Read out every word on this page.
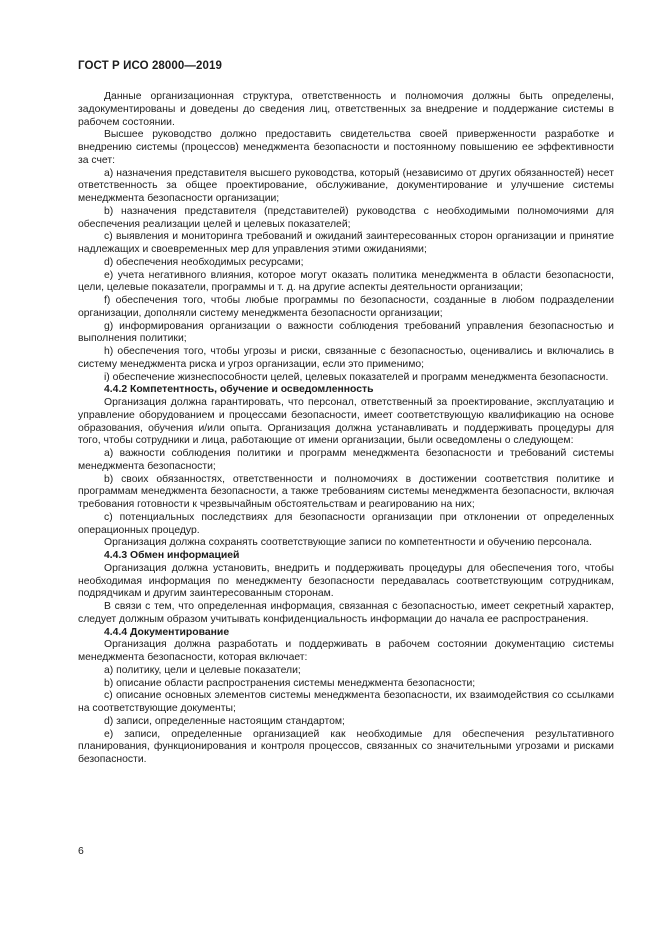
ГОСТ Р ИСО 28000—2019

Данные организационная структура, ответственность и полномочия должны быть определены, задокументированы и доведены до сведения лиц, ответственных за внедрение и поддержание системы в рабочем состоянии.

Высшее руководство должно предоставить свидетельства своей приверженности разработке и внедрению системы (процессов) менеджмента безопасности и постоянному повышению ее эффективности за счет:

a) назначения представителя высшего руководства, который (независимо от других обязанностей) несет ответственность за общее проектирование, обслуживание, документирование и улучшение системы менеджмента безопасности организации;

b) назначения представителя (представителей) руководства с необходимыми полномочиями для обеспечения реализации целей и целевых показателей;

c) выявления и мониторинга требований и ожиданий заинтересованных сторон организации и принятие надлежащих и своевременных мер для управления этими ожиданиями;

d) обеспечения необходимых ресурсами;

e) учета негативного влияния, которое могут оказать политика менеджмента в области безопасности, цели, целевые показатели, программы и т. д. на другие аспекты деятельности организации;

f) обеспечения того, чтобы любые программы по безопасности, созданные в любом подразделении организации, дополняли систему менеджмента безопасности организации;

g) информирования организации о важности соблюдения требований управления безопасностью и выполнения политики;

h) обеспечения того, чтобы угрозы и риски, связанные с безопасностью, оценивались и включались в систему менеджмента риска и угроз организации, если это применимо;

i) обеспечение жизнеспособности целей, целевых показателей и программ менеджмента безопасности.

4.4.2 Компетентность, обучение и осведомленность

Организация должна гарантировать, что персонал, ответственный за проектирование, эксплуатацию и управление оборудованием и процессами безопасности, имеет соответствующую квалификацию на основе образования, обучения и/или опыта. Организация должна устанавливать и поддерживать процедуры для того, чтобы сотрудники и лица, работающие от имени организации, были осведомлены о следующем:

a) важности соблюдения политики и программ менеджмента безопасности и требований системы менеджмента безопасности;

b) своих обязанностях, ответственности и полномочиях в достижении соответствия политике и программам менеджмента безопасности, а также требованиям системы менеджмента безопасности, включая требования готовности к чрезвычайным обстоятельствам и реагированию на них;

c) потенциальных последствиях для безопасности организации при отклонении от определенных операционных процедур.

Организация должна сохранять соответствующие записи по компетентности и обучению персонала.

4.4.3 Обмен информацией

Организация должна установить, внедрить и поддерживать процедуры для обеспечения того, чтобы необходимая информация по менеджменту безопасности передавалась соответствующим сотрудникам, подрядчикам и другим заинтересованным сторонам.

В связи с тем, что определенная информация, связанная с безопасностью, имеет секретный характер, следует должным образом учитывать конфиденциальность информации до начала ее распространения.

4.4.4 Документирование

Организация должна разработать и поддерживать в рабочем состоянии документацию системы менеджмента безопасности, которая включает:

a) политику, цели и целевые показатели;

b) описание области распространения системы менеджмента безопасности;

c) описание основных элементов системы менеджмента безопасности, их взаимодействия со ссылками на соответствующие документы;

d) записи, определенные настоящим стандартом;

e) записи, определенные организацией как необходимые для обеспечения результативного планирования, функционирования и контроля процессов, связанных со значительными угрозами и рисками безопасности.

6
